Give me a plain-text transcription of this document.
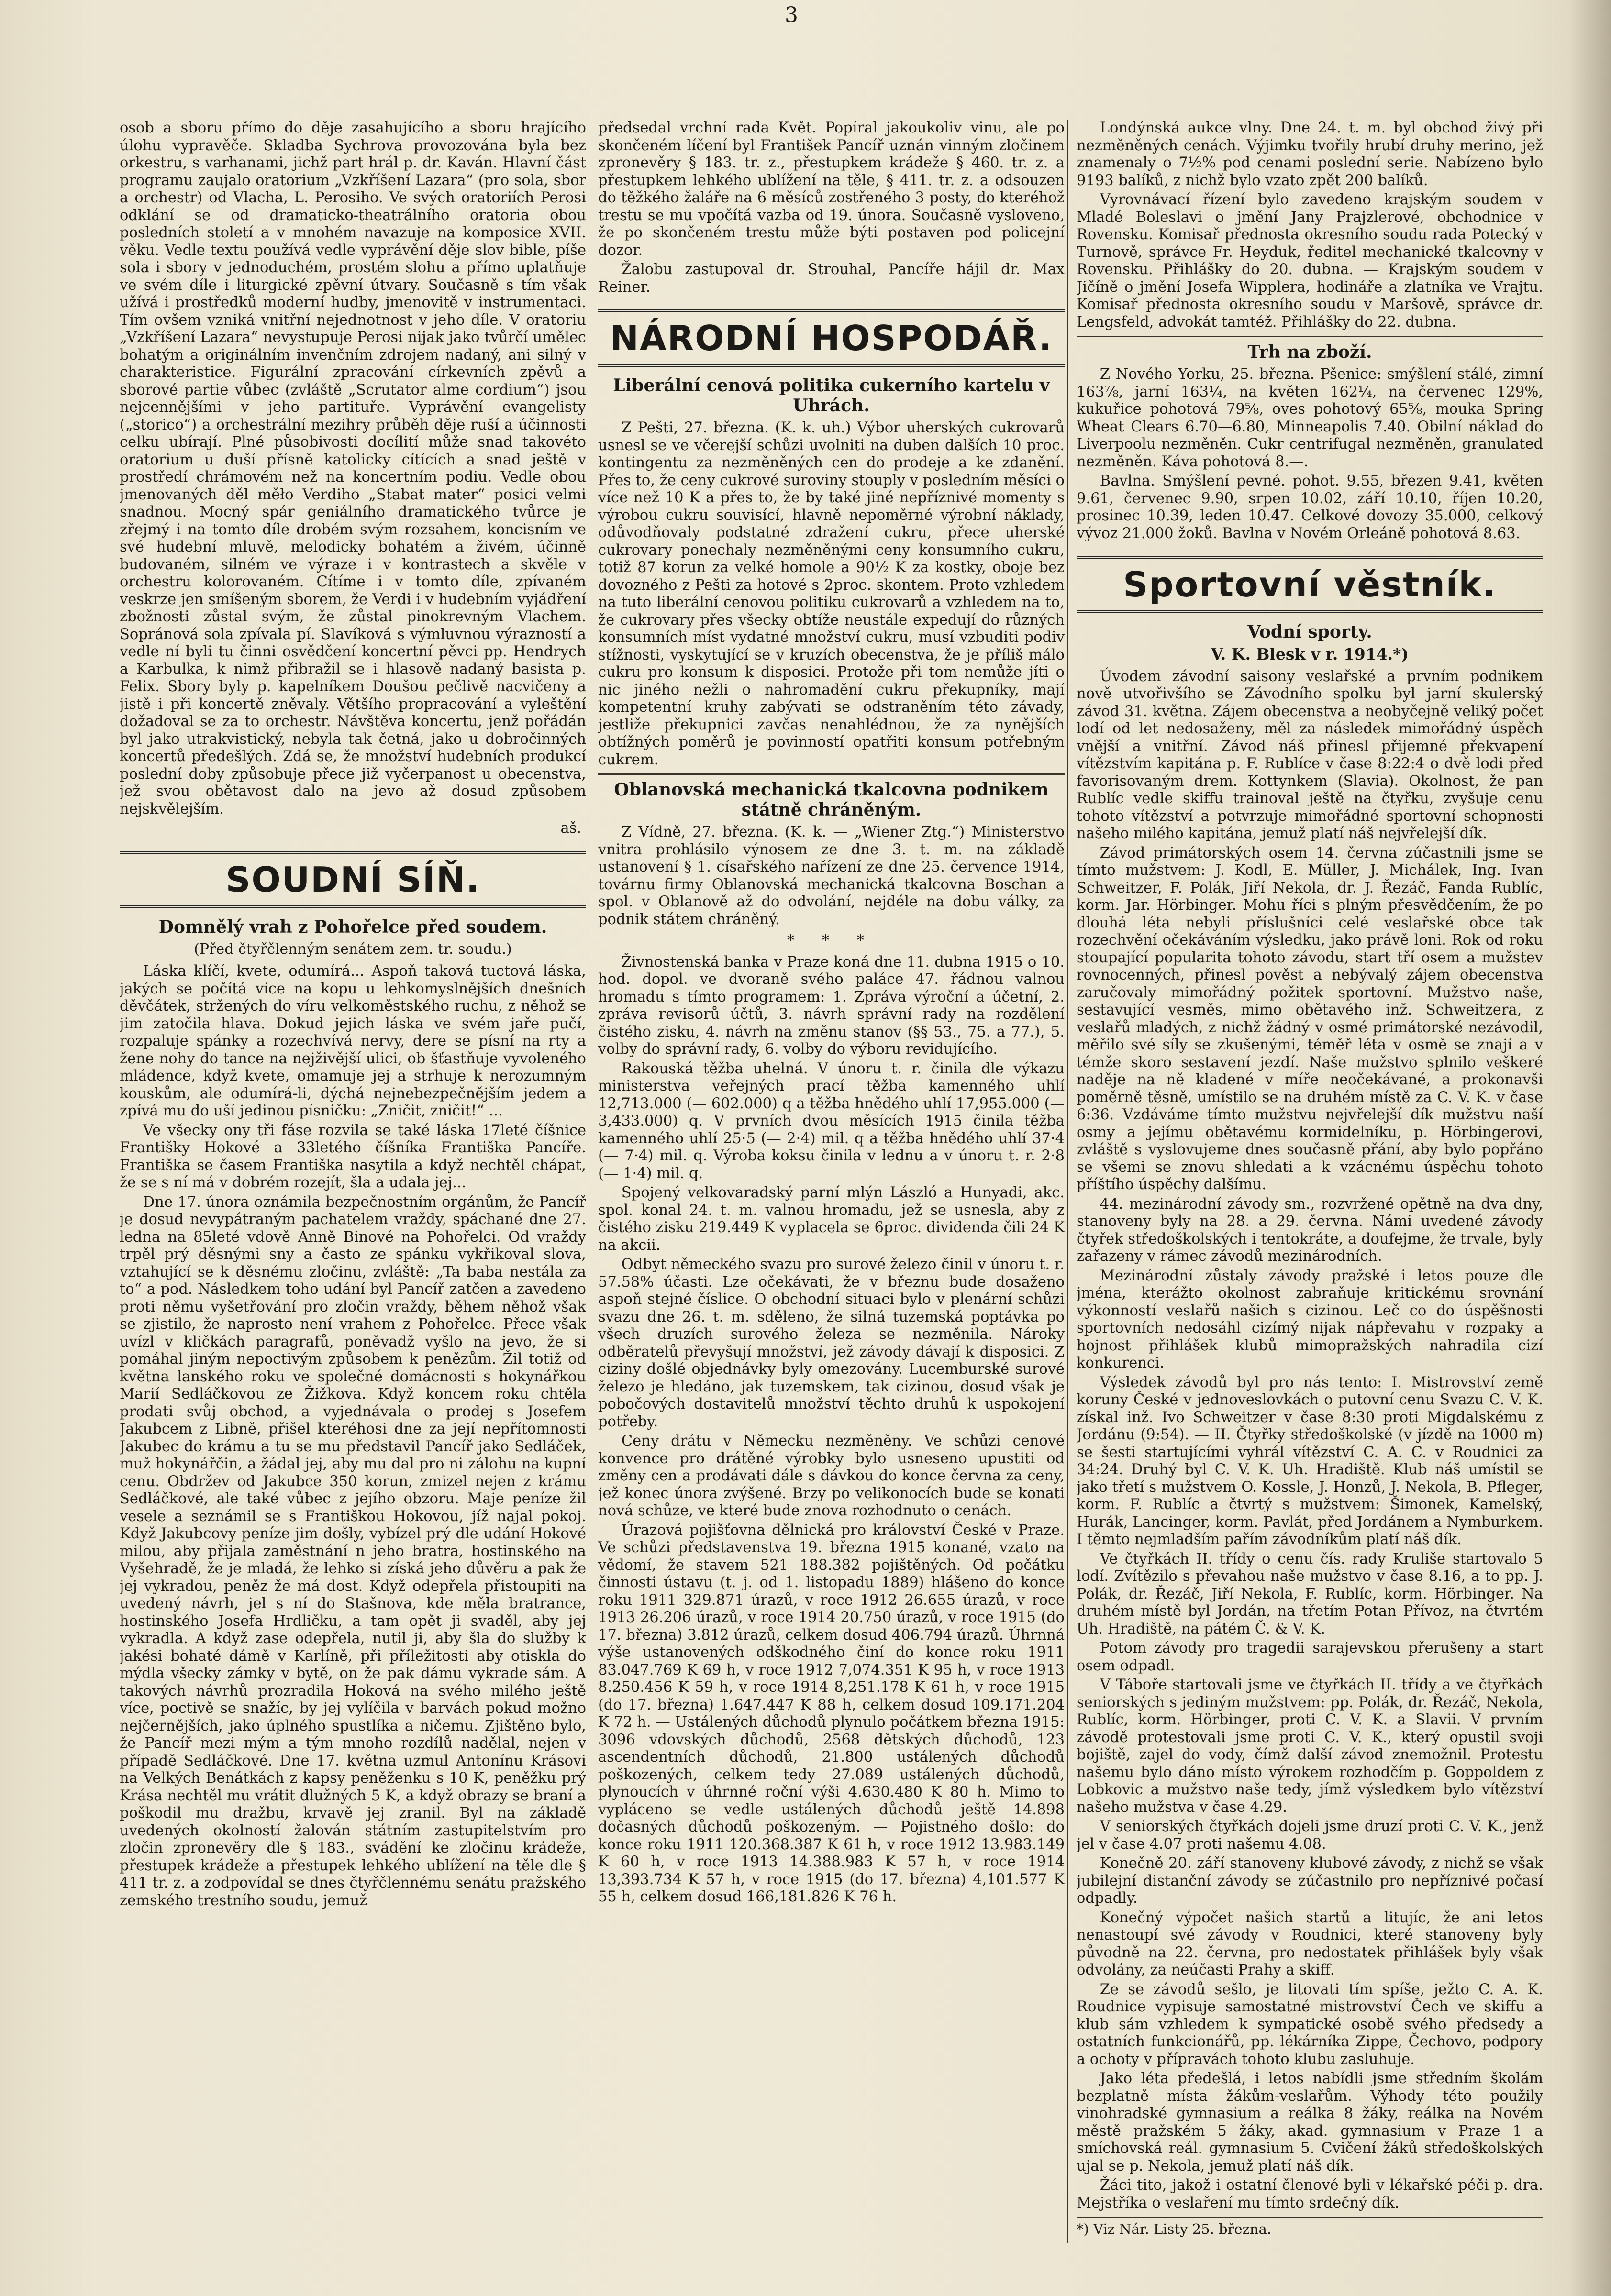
3

osob a sboru přímo do děje zasahujícího a sboru hrajícího úlohu vypravěče. Skladba Sychrova provozována byla bez orkestru, s varhanami, jichž part hrál p. dr. Kaván. Hlavní část programu zaujalo oratorium „Vzkříšení Lazara“ (pro sola, sbor a orchestr) od Vlacha, L. Perosiho. Ve svých oratoriích Perosi odklání se od dramaticko-theatrálního oratoria obou posledních století a v mnohém navazuje na komposice XVII. věku. Vedle textu používá vedle vyprávění děje slov bible, píše sola i sbory v jednoduchém, prostém slohu a přímo uplatňuje ve svém díle i liturgické zpěvní útvary. Současně s tím však užívá i prostředků moderní hudby, jmenovitě v instrumentaci. Tím ovšem vzniká vnitřní nejednotnost v jeho díle. V oratoriu „Vzkříšení Lazara“ nevystupuje Perosi nijak jako tvůrčí umělec bohatým a originálním invenčním zdrojem nadaný, ani silný v charakteristice. Figurální zpracování církevních zpěvů a sborové partie vůbec (zvláště „Scrutator alme cordium“) jsou nejcennějšími v jeho partituře. Vyprávění evangelisty („storico“) a orchestrální mezihry průběh děje ruší a účinnosti celku ubírají. Plné působivosti docílití může snad takovéto oratorium u duší přísně katolicky cítících a snad ještě v prostředí chrámovém než na koncertním podiu. Vedle obou jmenovaných děl měło Verdiho „Stabat mater“ posici velmi snadnou. Mocný spár geniálního dramatického tvůrce je zřejmý i na tomto díle drobém svým rozsahem, koncisním ve své hudební mluvě, melodicky bohatém a živém, účinně budovaném, silném ve výraze i v kontrastech a skvěle v orchestru kolorovaném. Cítíme i v tomto díle, zpívaném veskrze jen smíšeným sborem, že Verdi i v hudebním vyjádření zbožnosti zůstal svým, že zůstal pinokrevným Vlachem. Sopránová sola zpívala pí. Slavíková s výmluvnou výrazností a vedle ní byli tu činni osvědčení koncertní pěvci pp. Hendrych a Karbulka, k nimž přibražil se i hlasově nadaný basista p. Felix. Sbory byly p. kapelníkem Doušou pečlivě nacvičeny a jistě i při koncertě zněvaly. Většího propracování a vyleštění dožadoval se za to orchestr. Návštěva koncertu, jenž pořádán byl jako utrakvistický, nebyla tak četná, jako u dobročinných koncertů předešlých. Zdá se, že množství hudebních produkcí poslední doby způsobuje přece již vyčerpanost u obecenstva, jež svou obětavost dalo na jevo až dosud způsobem nejskvělejším.

aš.

SOUDNÍ SÍŇ.
Domnělý vrah z Pohořelce před soudem.
(Před čtyřčlenným senátem zem. tr. soudu.)

Láska klíčí, kvete, odumírá... Aspoň taková tuctová láska, jakých se počítá více na kopu u lehkomyslnějších dnešních děvčátek, stržených do víru velkoměstského ruchu, z něhož se jim zatočila hlava. Dokud jejich láska ve svém jaře pučí, rozpaluje spánky a rozechvívá nervy, dere se písní na rty a žene nohy do tance na nejživější ulici, ob šťastňuje vyvoleného mládence, když kvete, omamuje jej a strhuje k nerozumným kouskům, ale odumírá-li, dýchá nejnebezpečnějším jedem a zpívá mu do uší jedinou písničku: „Zničit, zničit!“ ...

Ve všecky ony tři fáse rozvila se také láska 17leté číšnice Františky Hokové a 33letého číšníka Františka Pancíře. Františka se časem Františka nasytila a když nechtěl chápat, že se s ní má v dobrém rozejít, šla a udala jej...

Dne 17. února oznámila bezpečnostním orgánům, že Pancíř je dosud nevypátraným pachatelem vraždy, spáchané dne 27. ledna na 85leté vdově Anně Binové na Pohořelci. Od vraždy trpěl prý děsnými sny a často ze spánku vykřikoval slova, vztahující se k děsnému zločinu, zvláště: „Ta baba nestála za to“ a pod. Následkem toho udání byl Pancíř zatčen a zavedeno proti němu vyšetřování pro zločin vraždy, během něhož však se zjistilo, že naprosto není vrahem z Pohořelce. Přece však uvízl v kličkách paragrafů, poněvadž vyšlo na jevo, že si pomáhal jiným nepoctivým způsobem k penězům. Žil totiž od května lanského roku ve společné domácnosti s hokynářkou Marií Sedláčkovou ze Žižkova. Když koncem roku chtěla prodati svůj obchod, a vyjednávala o prodej s Josefem Jakubcem z Libně, přišel kteréhosi dne za její nepřítomnosti Jakubec do krámu a tu se mu představil Pancíř jako Sedláček, muž hokynářčin, a žádal jej, aby mu dal pro ni zálohu na kupní cenu. Obdržev od Jakubce 350 korun, zmizel nejen z krámu Sedláčkové, ale také vůbec z jejího obzoru. Maje peníze žil vesele a seznámil se s Františkou Hokovou, jíž najal pokoj. Když Jakubcovy peníze jim došly, vybízel prý dle udání Hokové milou, aby přijala zaměstnání n jeho bratra, hostinského na Vyšehradě, že je mladá, že lehko si získá jeho důvěru a pak že jej vykradou, peněz že má dost. Když odepřela přistoupiti na uvedený návrh, jel s ní do Stašnova, kde měla bratrance, hostinského Josefa Hrdličku, a tam opět ji svaděl, aby jej vykradla. A když zase odepřela, nutil ji, aby šla do služby k jakési bohaté dámě v Karlíně, při příležitosti aby otiskla do mýdla všecky zámky v bytě, on že pak dámu vykrade sám. A takových návrhů prozradila Hoková na svého milého ještě více, poctivě se snažíc, by jej vylíčila v barvách pokud možno nejčernějších, jako úplného spustlíka a ničemu. Zjištěno bylo, že Pancíř mezi mým a tým mnoho rozdílů nadělal, nejen v případě Sedláčkové. Dne 17. května uzmul Antonínu Krásovi na Velkých Benátkách z kapsy peněženku s 10 K, peněžku prý Krása nechtěl mu vrátit dlužných 5 K, a když obrazy se braní a poškodil mu dražbu, krvavě jej zranil. Byl na základě uvedených okolností žalován státním zastupitelstvím pro zločin zpronevěry dle § 183., svádění ke zločinu krádeže, přestupek krádeže a přestupek lehkého ublížení na těle dle § 411 tr. z. a zodpovídal se dnes čtyřčlennému senátu pražského zemského trestního soudu, jemuž

předsedal vrchní rada Květ. Popíral jakoukoliv vinu, ale po skončeném líčení byl František Pancíř uznán vinným zločinem zpronevěry § 183. tr. z., přestupkem krádeže § 460. tr. z. a přestupkem lehkého ublížení na těle, § 411. tr. z. a odsouzen do těžkého žaláře na 6 měsíců zostřeného 3 posty, do kteréhož trestu se mu vpočítá vazba od 19. února. Současně vysloveno, že po skončeném trestu může býti postaven pod policejní dozor.

Žalobu zastupoval dr. Strouhal, Pancíře hájil dr. Max Reiner.

NÁRODNÍ HOSPODÁŘ.
Liberální cenová politika cukerního kartelu v Uhrách.

Z Pešti, 27. března. (K. k. uh.) Výbor uherských cukrovarů usnesl se ve včerejší schůzi uvolniti na duben dalších 10 proc. kontingentu za nezměněných cen do prodeje a ke zdanění. Přes to, že ceny cukrové suroviny stouply v posledním měsíci o více než 10 K a přes to, že by také jiné nepříznivé momenty s výrobou cukru souvisící, hlavně nepoměrné výrobní náklady, odůvodňovaly podstatné zdražení cukru, přece uherské cukrovary ponechaly nezměněnými ceny konsumního cukru, totiž 87 korun za velké homole a 90½ K za kostky, oboje bez dovozného z Pešti za hotové s 2proc. skontem. Proto vzhledem na tuto liberální cenovou politiku cukrovarů a vzhledem na to, že cukrovary přes všecky obtíže neustále expedují do různých konsumních míst vydatné množství cukru, musí vzbuditi podiv stížnosti, vyskytující se v kruzích obecenstva, že je příliš málo cukru pro konsum k disposici. Protože při tom nemůže jíti o nic jiného nežli o nahromadění cukru překupníky, mají kompetentní kruhy zabývati se odstraněním této závady, jestliže překupnici zavčas nenahlédnou, že za nynějších obtížných poměrů je povinností opatřiti konsum potřebným cukrem.

Oblanovská mechanická tkalcovna podnikem státně chráněným.

Z Vídně, 27. března. (K. k. — „Wiener Ztg.“) Ministerstvo vnitra prohlásilo výnosem ze dne 3. t. m. na základě ustanovení § 1. císařského nařízení ze dne 25. července 1914, továrnu firmy Oblanovská mechanická tkalcovna Boschan a spol. v Oblanově až do odvolání, nejdéle na dobu války, za podnik státem chráněný.

* * *

Živnostenská banka v Praze koná dne 11. dubna 1915 o 10. hod. dopol. ve dvoraně svého paláce 47. řádnou valnou hromadu s tímto programem: 1. Zpráva výroční a účetní, 2. zpráva revisorů účtů, 3. návrh správní rady na rozdělení čistého zisku, 4. návrh na změnu stanov (§§ 53., 75. a 77.), 5. volby do správní rady, 6. volby do výboru revidujícího.

Rakouská těžba uhelná. V únoru t. r. činila dle výkazu ministerstva veřejných prací těžba kamenného uhlí 12,713.000 (— 602.000) q a těžba hnědého uhlí 17,955.000 (— 3,433.000) q. V prvních dvou měsících 1915 činila těžba kamenného uhlí 25·5 (— 2·4) mil. q a těžba hnědého uhlí 37·4 (— 7·4) mil. q. Výroba koksu činila v lednu a v únoru t. r. 2·8 (— 1·4) mil. q.

Spojený velkovaradský parní mlýn László a Hunyadi, akc. spol. konal 24. t. m. valnou hromadu, jež se usnesla, aby z čistého zisku 219.449 K vyplacela se 6proc. dividenda čili 24 K na akcii.

Odbyt německého svazu pro surové železo činil v únoru t. r. 57.58% účasti. Lze očekávati, že v březnu bude dosaženo aspoň stejné číslice. O obchodní situaci bylo v plenární schůzi svazu dne 26. t. m. sděleno, že silná tuzemská poptávka po všech druzích surového železa se nezměnila. Nároky odběratelů převyšují množství, jež závody dávají k disposici. Z ciziny došlé objednávky byly omezovány. Lucemburské surové železo je hledáno, jak tuzemskem, tak cizinou, dosud však je pobočových dostavitelů množství těchto druhů k uspokojení potřeby.

Ceny drátu v Německu nezměněny. Ve schůzi cenové konvence pro drátěné výrobky bylo usneseno upustiti od změny cen a prodávati dále s dávkou do konce června za ceny, jež konec února zvýšené. Brzy po velikonocích bude se konati nová schůze, ve které bude znova rozhodnuto o cenách.

Úrazová pojišťovna dělnická pro království České v Praze. Ve schůzi představenstva 19. března 1915 konané, vzato na vědomí, že stavem 521 188.382 pojištěných. Od počátku činnosti ústavu (t. j. od 1. listopadu 1889) hlášeno do konce roku 1911 329.871 úrazů, v roce 1912 26.655 úrazů, v roce 1913 26.206 úrazů, v roce 1914 20.750 úrazů, v roce 1915 (do 17. března) 3.812 úrazů, celkem dosud 406.794 úrazů. Úhrnná výše ustanovených odškodného činí do konce roku 1911 83.047.769 K 69 h, v roce 1912 7,074.351 K 95 h, v roce 1913 8.250.456 K 59 h, v roce 1914 8,251.178 K 61 h, v roce 1915 (do 17. března) 1.647.447 K 88 h, celkem dosud 109.171.204 K 72 h. — Ustálených důchodů plynulo počátkem března 1915: 3096 vdovských důchodů, 2568 dětských důchodů, 123 ascendentních důchodů, 21.800 ustálených důchodů poškozených, celkem tedy 27.089 ustálených důchodů, plynoucích v úhrnné roční výši 4.630.480 K 80 h. Mimo to vypláceno se vedle ustálených důchodů ještě 14.898 dočasných důchodů poškozeným. — Pojistného došlo: do konce roku 1911 120.368.387 K 61 h, v roce 1912 13.983.149 K 60 h, v roce 1913 14.388.983 K 57 h, v roce 1914 13,393.734 K 57 h, v roce 1915 (do 17. března) 4,101.577 K 55 h, celkem dosud 166,181.826 K 76 h.

Londýnská aukce vlny. Dne 24. t. m. byl obchod živý při nezměněných cenách. Výjimku tvořily hrubí druhy merino, jež znamenaly o 7½% pod cenami poslední serie. Nabízeno bylo 9193 balíků, z nichž bylo vzato zpět 200 balíků.

Vyrovnávací řízení bylo zavedeno krajským soudem v Mladé Boleslavi o jmění Jany Prajzlerové, obchodnice v Rovensku. Komisař přednosta okresního soudu rada Potecký v Turnově, správce Fr. Heyduk, ředitel mechanické tkalcovny v Rovensku. Přihlášky do 20. dubna. — Krajským soudem v Jičíně o jmění Josefa Wipplera, hodináře a zlatníka ve Vrajtu. Komisař přednosta okresního soudu v Maršově, správce dr. Lengsfeld, advokát tamtéž. Přihlášky do 22. dubna.

Trh na zboží.

Z Nového Yorku, 25. března. Pšenice: smýšlení stálé, zimní 163⅞, jarní 163¼, na květen 162¼, na červenec 129%, kukuřice pohotová 79⅝, oves pohotový 65⅝, mouka Spring Wheat Clears 6.70—6.80, Minneapolis 7.40. Obilní náklad do Liverpoolu nezměněn. Cukr centrifugal nezměněn, granulated nezměněn. Káva pohotová 8.—.

Bavlna. Smýšlení pevné. pohot. 9.55, březen 9.41, květen 9.61, červenec 9.90, srpen 10.02, září 10.10, říjen 10.20, prosinec 10.39, leden 10.47. Celkové dovozy 35.000, celkový vývoz 21.000 žoků. Bavlna v Novém Orleáně pohotová 8.63.

Sportovní věstník.
Vodní sporty.
V. K. Blesk v r. 1914.*)

Úvodem závodní saisony veslařské a prvním podnikem nově utvořivšího se Závodního spolku byl jarní skulerský závod 31. května. Zájem obecenstva a neobyčejně veliký počet lodí od let nedosaženy, měl za následek mimořádný úspěch vnější a vnitřní. Závod náš přinesl přijemné překvapení vítězstvím kapitána p. F. Rublíce v čase 8:22:4 o dvě lodi před favorisovaným drem. Kottynkem (Slavia). Okolnost, že pan Rublíc vedle skiffu trainoval ještě na čtyřku, zvyšuje cenu tohoto vítězství a potvrzuje mimořádné sportovní schopnosti našeho milého kapitána, jemuž platí náš nejvřelejší dík.

Závod primátorských osem 14. června zúčastnili jsme se tímto mužstvem: J. Kodl, E. Müller, J. Michálek, Ing. Ivan Schweitzer, F. Polák, Jiří Nekola, dr. J. Řezáč, Fanda Rublíc, korm. Jar. Hörbinger. Mohu říci s plným přesvědčením, že po dlouhá léta nebyli příslušníci celé veslařské obce tak rozechvění očekáváním výsledku, jako právě loni. Rok od roku stoupající popularita tohoto závodu, start tří osem a mužstev rovnocenných, přinesl pověst a nebývalý zájem obecenstva zaručovaly mimořádný požitek sportovní. Mužstvo naše, sestavující vesměs, mimo obětavého inž. Schweitzera, z veslařů mladých, z nichž žádný v osmé primátorské nezávodil, měřilo své síly se zkušenými, téměř léta v osmě se znají a v témže skoro sestavení jezdí. Naše mužstvo splnilo veškeré naděje na ně kladené v míře neočekávané, a prokonavši poměrně těsně, umístilo se na druhém místě za C. V. K. v čase 6:36. Vzdáváme tímto mužstvu nejvřelejší dík mužstvu naší osmy a jejímu obětavému kormidelníku, p. Hörbingerovi, zvláště s vyslovujeme dnes současně přání, aby bylo popřáno se všemi se znovu shledati a k vzácnému úspěchu tohoto příštího úspěchy dalšímu.

44. mezinárodní závody sm., rozvržené opětně na dva dny, stanoveny byly na 28. a 29. června. Námi uvedené závody čtyřek středoškolských i tentokráte, a doufejme, že trvale, byly zařazeny v rámec závodů mezinárodních.

Mezinárodní zůstaly závody pražské i letos pouze dle jména, kterážto okolnost zabraňuje kritickému srovnání výkonností veslařů našich s cizinou. Leč co do úspěšnosti sportovních nedosáhl cizímý nijak nápřevahu v rozpaky a hojnost přihlášek klubů mimopražských nahradila cizí konkurenci.

Výsledek závodů byl pro nás tento: I. Mistrovství země koruny České v jednoveslovkách o putovní cenu Svazu C. V. K. získal inž. Ivo Schweitzer v čase 8:30 proti Migdalskému z Jordánu (9:54). — II. Čtyřky středoškolské (v jízdě na 1000 m) se šesti startujícími vyhrál vítězství C. A. C. v Roudnici za 34:24. Druhý byl C. V. K. Uh. Hradiště. Klub náš umístil se jako třetí s mužstvem O. Kossle, J. Honzů, J. Nekola, B. Pfleger, korm. F. Rublíc a čtvrtý s mužstvem: Šimonek, Kamelský, Hurák, Lancinger, korm. Pavlát, před Jordánem a Nymburkem. I těmto nejmladším pařím závodníkům platí náš dík.

Ve čtyřkách II. třídy o cenu čís. rady Kruliše startovalo 5 lodí. Zvítězilo s převahou naše mužstvo v čase 8.16, a to pp. J. Polák, dr. Řezáč, Jiří Nekola, F. Rublíc, korm. Hörbinger. Na druhém místě byl Jordán, na třetím Potan Přívoz, na čtvrtém Uh. Hradiště, na pátém Č. & V. K.

Potom závody pro tragedii sarajevskou přerušeny a start osem odpadl.

V Táboře startovali jsme ve čtyřkách II. třídy a ve čtyřkách seniorských s jediným mužstvem: pp. Polák, dr. Řezáč, Nekola, Rublíc, korm. Hörbinger, proti C. V. K. a Slavii. V prvním závodě protestovali jsme proti C. V. K., který opustil svoji bojiště, zajel do vody, čímž další závod znemožnil. Protestu našemu bylo dáno místo výrokem rozhodčím p. Goppoldem z Lobkovic a mužstvo naše tedy, jímž výsledkem bylo vítězství našeho mužstva v čase 4.29.

V seniorských čtyřkách dojeli jsme druzí proti C. V. K., jenž jel v čase 4.07 proti našemu 4.08.

Konečně 20. září stanoveny klubové závody, z nichž se však jubilejní distanční závody se zúčastnilo pro nepříznivé počasí odpadly.

Konečný výpočet našich startů a litujíc, že ani letos nenastoupí své závody v Roudnici, které stanoveny byly původně na 22. června, pro nedostatek přihlášek byly však odvolány, za neúčasti Prahy a skiff.

Ze se závodů sešlo, je litovati tím spíše, ježto C. A. K. Roudnice vypisuje samostatné mistrovství Čech ve skiffu a klub sám vzhledem k sympatické osobě svého předsedy a ostatních funkcionářů, pp. lékárníka Zippe, Čechovo, podpory a ochoty v přípravách tohoto klubu zasluhuje.

Jako léta předešlá, i letos nabídli jsme středním školám bezplatně místa žákům-veslařům. Výhody této použily vinohradské gymnasium a reálka 8 žáky, reálka na Novém městě pražském 5 žáky, akad. gymnasium v Praze 1 a smíchovská reál. gymnasium 5. Cvičení žáků středoškolských ujal se p. Nekola, jemuž platí náš dík.

Žáci tito, jakož i ostatní členové byli v lékařské péči p. dra. Mejstříka o veslaření mu tímto srdečný dík.

*) Viz Nár. Listy 25. března.
